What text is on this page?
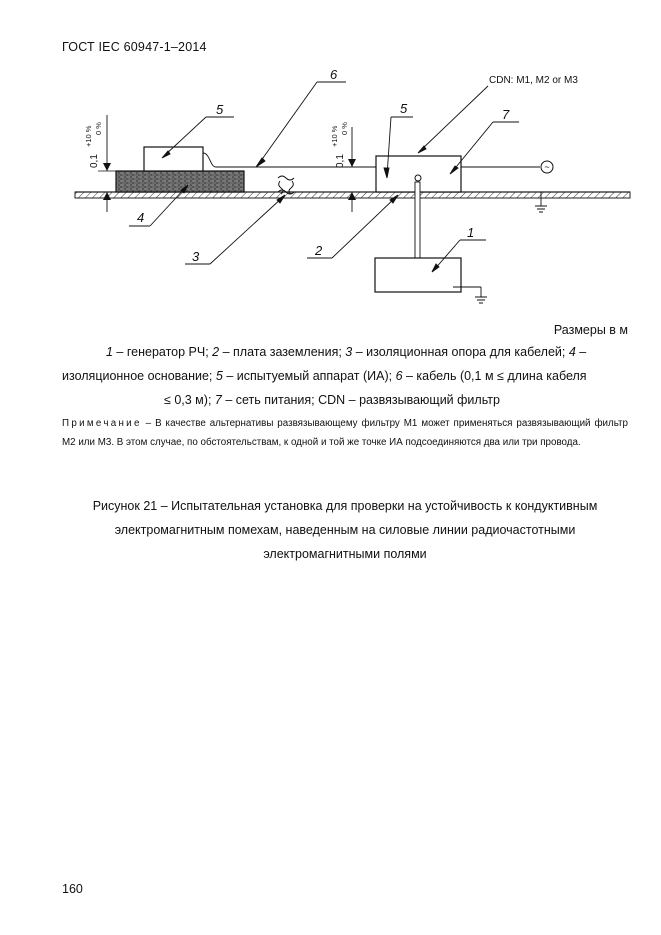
ГОСТ IEC 60947-1–2014
~
0,1
+10 % 0 %
0,1
+10 % 0 %
CDN: M1, M2 or M3
6
5	5	7
4
3	2
1
Размеры в м
1 – генератор РЧ; 2 – плата заземления; 3 – изоляционная опора для кабелей; 4 –
изоляционное основание; 5 – испытуемый аппарат (ИА); 6 – кабель (0,1 м ≤ длина кабеля
≤ 0,3 м); 7 – сеть питания; CDN – развязывающий фильтр
Примечание – В качестве альтернативы развязывающему фильтру М1 может применяться развязывающий фильтр М2 или М3. В этом случае, по обстоятельствам, к одной и той же точке ИА подсоединяются два или три провода.
Рисунок 21 – Испытательная установка для проверки на устойчивость к кондуктивным электромагнитным помехам, наведенным на силовые линии радиочастотными электромагнитными полями
160
